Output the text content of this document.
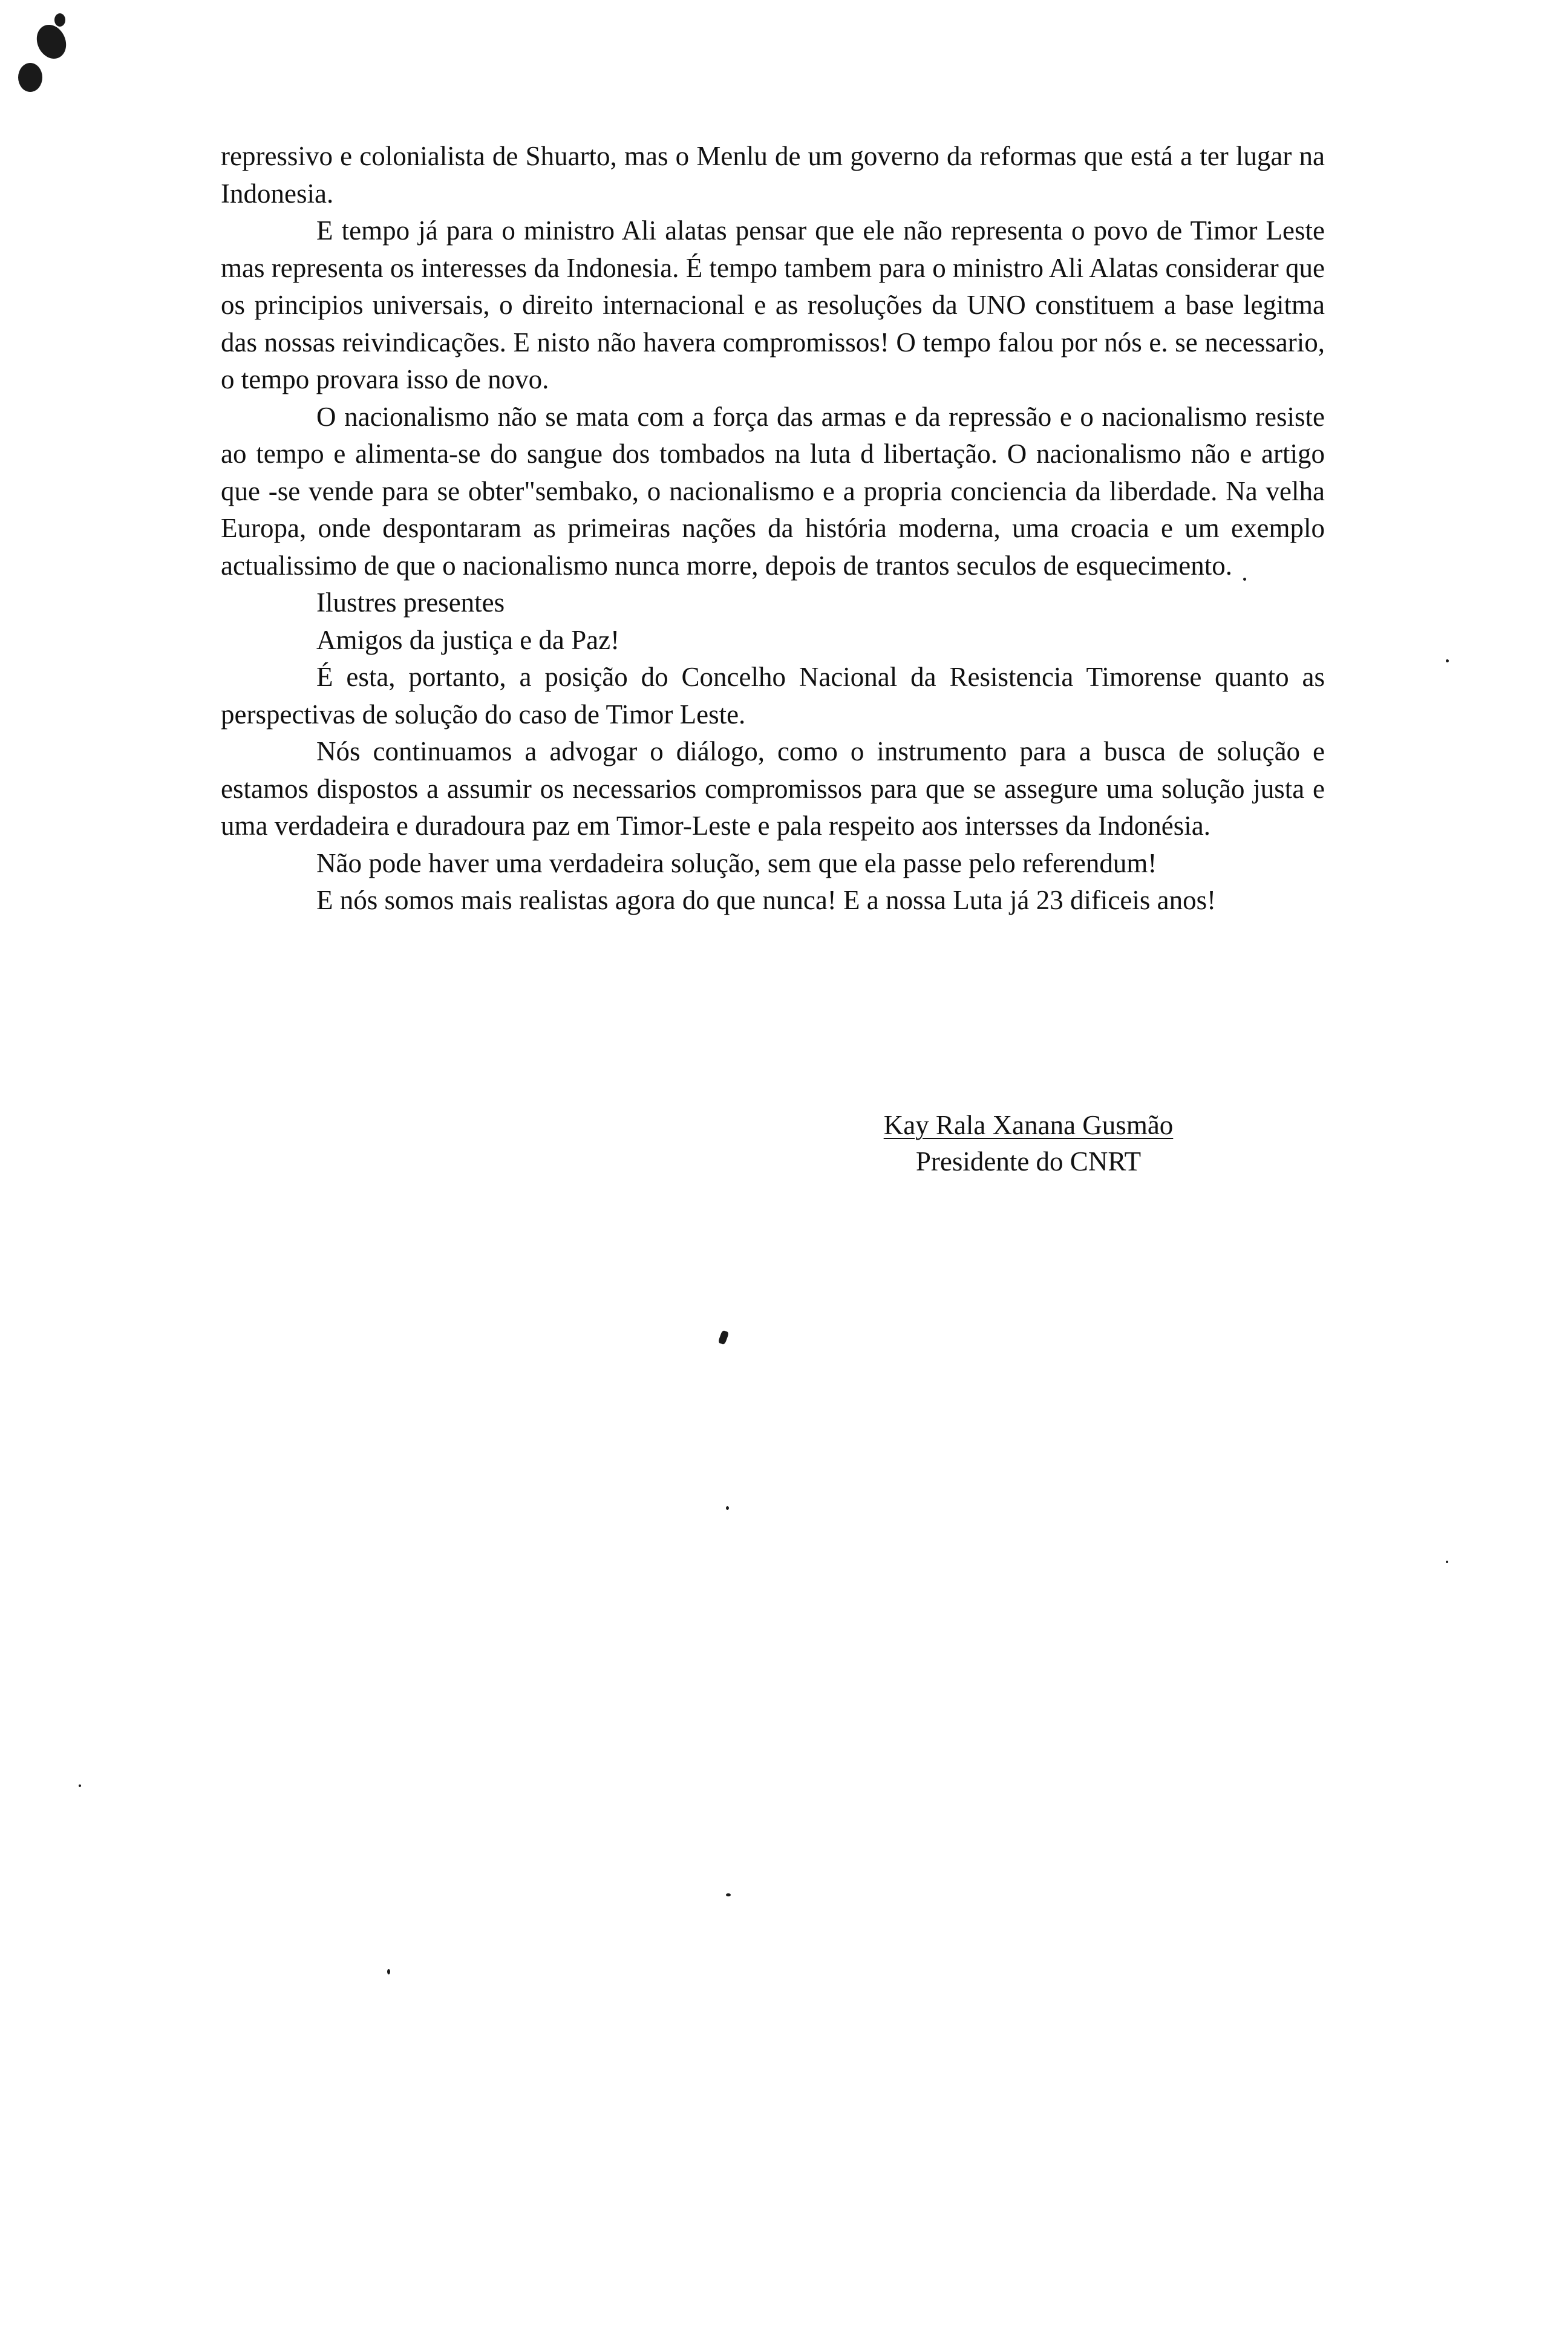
repressivo e colonialista de Shuarto, mas o Menlu de um governo da reformas que está a ter lugar na Indonesia.

E tempo já para o ministro Ali alatas pensar que ele não representa o povo de Timor Leste mas representa os interesses da Indonesia. É tempo tambem para o ministro Ali Alatas considerar que os principios universais, o direito internacional e as resoluções da UNO constituem a base legitma das nossas reivindicações. E nisto não havera compromissos! O tempo falou por nós e. se necessario, o tempo provara isso de novo.

O nacionalismo não se mata com a força das armas e da repressão e o nacionalismo resiste ao tempo e alimenta-se do sangue dos tombados na luta d libertação. O nacionalismo não e artigo que -se vende para se obter"sembako, o nacionalismo e a propria conciencia da liberdade. Na velha Europa, onde despontaram as primeiras nações da história moderna, uma croacia e um exemplo actualissimo de que o nacionalismo nunca morre, depois de trantos seculos de esquecimento.

Ilustres presentes

Amigos da justiça e da Paz!

É esta, portanto, a posição do Concelho Nacional da Resistencia Timorense quanto as perspectivas de solução do caso de Timor Leste.

Nós continuamos a advogar o diálogo, como o instrumento para a busca de solução e estamos dispostos a assumir os necessarios compromissos para que se assegure uma solução justa e uma verdadeira e duradoura paz em Timor-Leste e pala respeito aos intersses da Indonésia.

Não pode haver uma verdadeira solução, sem que ela passe pelo referendum!

E nós somos mais realistas agora do que nunca! E a nossa Luta já 23 dificeis anos!

Kay Rala Xanana Gusmão
Presidente do CNRT
